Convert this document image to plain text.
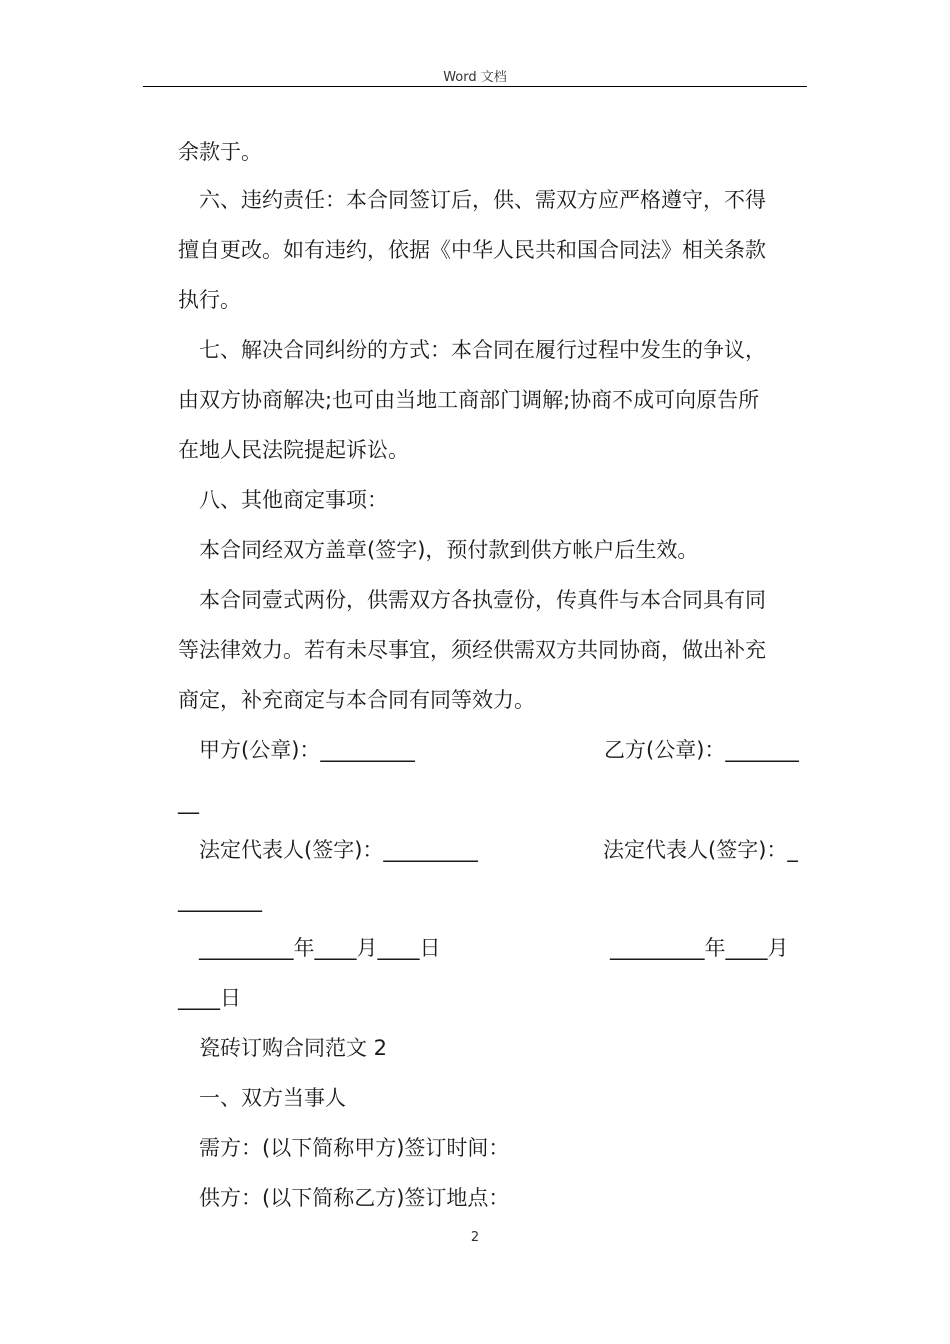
Word 文档
余款于。
六、违约责任：本合同签订后，供、需双方应严格遵守，不得
擅自更改。如有违约，依据《中华人民共和国合同法》相关条款
执行。
七、解决合同纠纷的方式：本合同在履行过程中发生的争议，
由双方协商解决;也可由当地工商部门调解;协商不成可向原告所
在地人民法院提起诉讼。
八、其他商定事项：
本合同经双方盖章(签字)，预付款到供方帐户后生效。
本合同壹式两份，供需双方各执壹份，传真件与本合同具有同
等法律效力。若有未尽事宜，须经供需双方共同协商，做出补充
商定，补充商定与本合同有同等效力。
甲方(公章)：_________	乙方(公章)：_______
__
法定代表人(签字)：_________	法定代表人(签字)：_
________
_________年____月____日	_________年____月
____日
瓷砖订购合同范文 2
一、双方当事人
需方：(以下简称甲方)签订时间：
供方：(以下简称乙方)签订地点：
2
